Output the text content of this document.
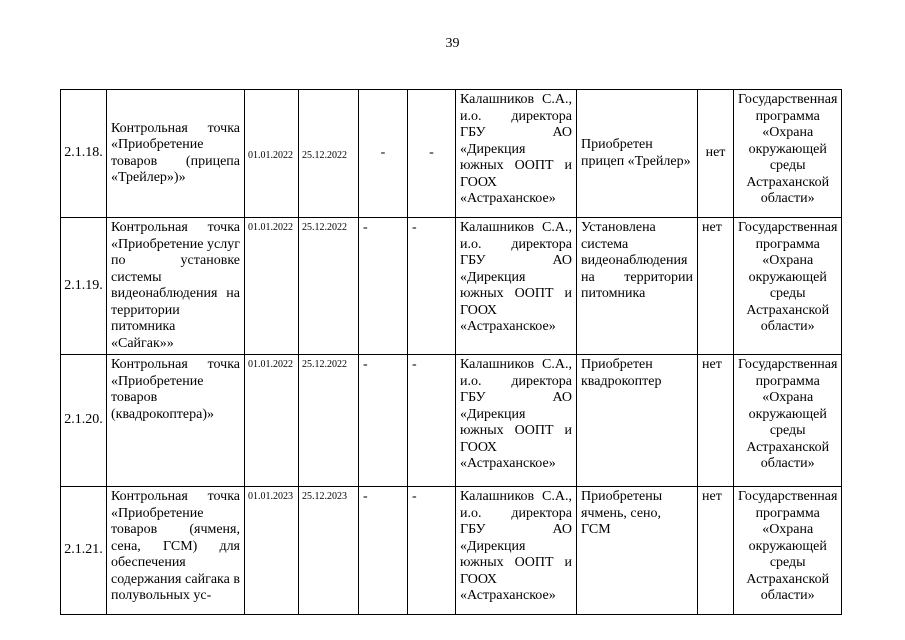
39
2.1.18.	Контрольная точка «Приобретение товаров (прицепа «Трейлер»)»	01.01.2022	25.12.2022	-	-	Калашников С.А., и.о. директора ГБУ АО «Дирекция южных ООПТ и ГООХ «Астраханское»	Приобретен прицеп «Трейлер»	нет	Государственная программа «Охрана окружающей среды Астраханской области»
2.1.19.	Контрольная точка «Приобретение услуг по установке системы видеонаблюдения на территории питомника «Сайгак»»	01.01.2022	25.12.2022	-	-	Калашников С.А., и.о. директора ГБУ АО «Дирекция южных ООПТ и ГООХ «Астраханское»	Установлена система видеонаблюдения на территории питомника	нет	Государственная программа «Охрана окружающей среды Астраханской области»
2.1.20.	Контрольная точка «Приобретение товаров (квадрокоптера)»	01.01.2022	25.12.2022	-	-	Калашников С.А., и.о. директора ГБУ АО «Дирекция южных ООПТ и ГООХ «Астраханское»	Приобретен квадрокоптер	нет	Государственная программа «Охрана окружающей среды Астраханской области»
2.1.21.	Контрольная точка «Приобретение товаров (ячменя, сена, ГСМ) для обеспечения содержания сайгака в полувольных ус-	01.01.2023	25.12.2023	-	-	Калашников С.А., и.о. директора ГБУ АО «Дирекция южных ООПТ и ГООХ «Астраханское»	Приобретены ячмень, сено, ГСМ	нет	Государственная программа «Охрана окружающей среды Астраханской области»
